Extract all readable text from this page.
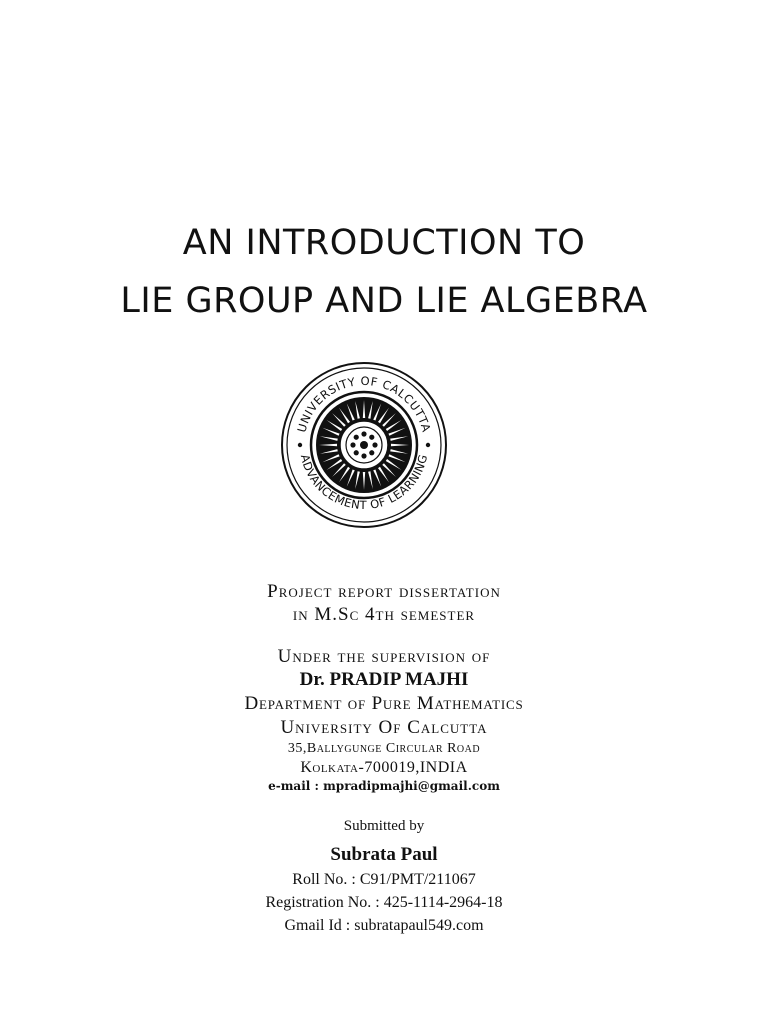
AN INTRODUCTION TO
LIE GROUP AND LIE ALGEBRA
UNIVERSITY OF CALCUTTA
ADVANCEMENT OF LEARNING
Project report dissertation
in M.Sc 4th semester
Under the supervision of
Dr. PRADIP MAJHI
Department of Pure Mathematics
University Of Calcutta
35,Ballygunge Circular Road
Kolkata-700019,INDIA
e-mail : mpradipmajhi@gmail.com
Submitted by
Subrata Paul
Roll No. : C91/PMT/211067
Registration No. : 425-1114-2964-18
Gmail Id : subratapaul549.com
